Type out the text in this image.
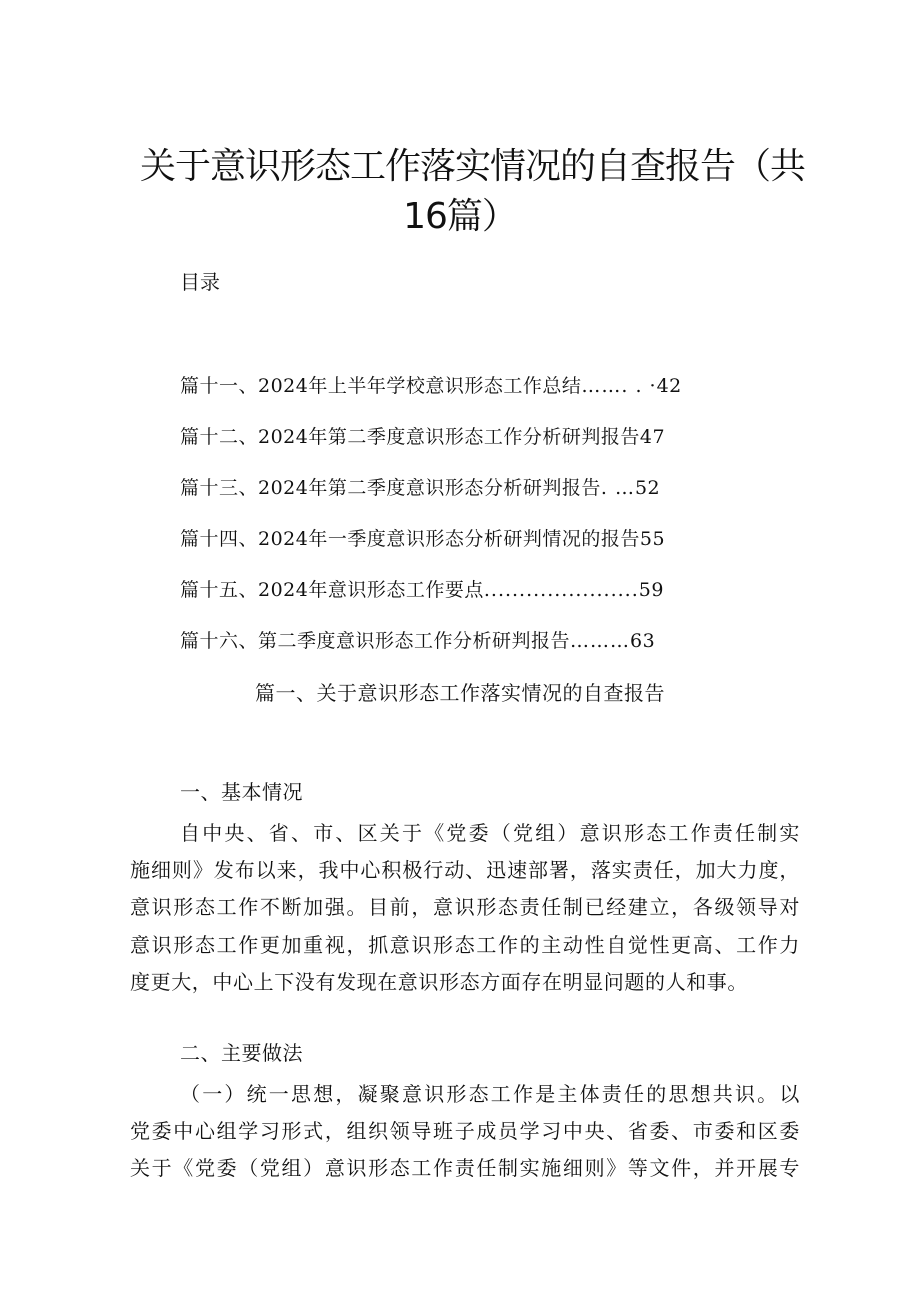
关于意识形态工作落实情况的自查报告（共
16篇）
目录
篇十一、2024年上半年学校意识形态工作总结……. . ·42
篇十二、2024年第二季度意识形态工作分析研判报告47
篇十三、2024年第二季度意识形态分析研判报告. …52
篇十四、2024年一季度意识形态分析研判情况的报告55
篇十五、2024年意识形态工作要点......................59
篇十六、第二季度意识形态工作分析研判报告………63
篇一、关于意识形态工作落实情况的自查报告
一、基本情况
自中央、省、市、区关于《党委（党组）意识形态工作责任制实
施细则》发布以来，我中心积极行动、迅速部署，落实责任，加大力度，
意识形态工作不断加强。目前，意识形态责任制已经建立，各级领导对
意识形态工作更加重视，抓意识形态工作的主动性自觉性更高、工作力
度更大，中心上下没有发现在意识形态方面存在明显问题的人和事。
二、主要做法
（一）统一思想，凝聚意识形态工作是主体责任的思想共识。以
党委中心组学习形式，组织领导班子成员学习中央、省委、市委和区委
关于《党委（党组）意识形态工作责任制实施细则》等文件，并开展专
